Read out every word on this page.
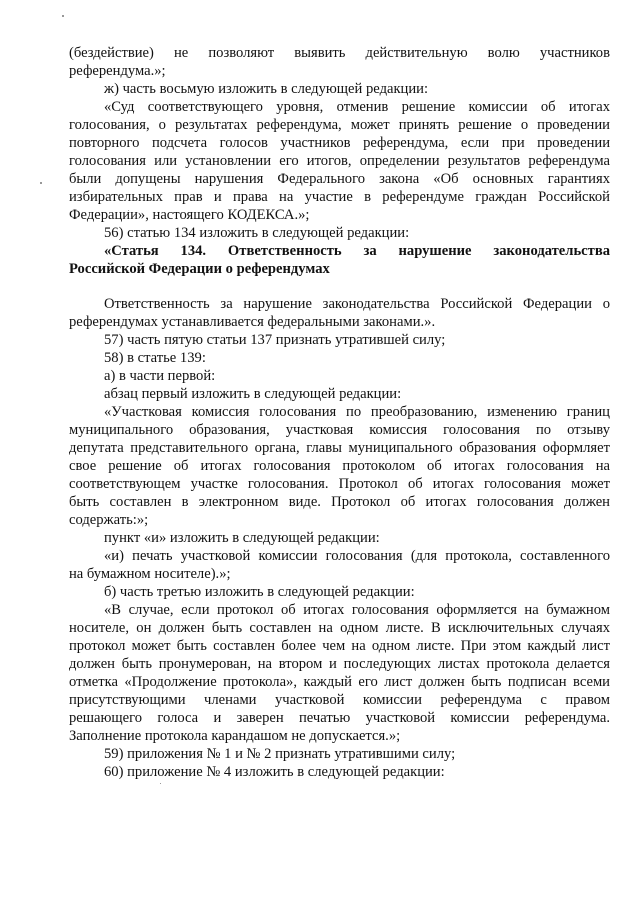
(бездействие) не позволяют выявить действительную волю участников
референдума.»;
ж) часть восьмую изложить в следующей редакции:
«Суд соответствующего уровня, отменив решение комиссии об итогах
голосования, о результатах референдума, может принять решение о проведении
повторного подсчета голосов участников референдума, если при проведении
голосования или установлении его итогов, определении результатов референдума
были допущены нарушения Федерального закона «Об основных гарантиях
избирательных прав и права на участие в референдуме граждан Российской
Федерации», настоящего КОДЕКСА.»;
56) статью 134 изложить в следующей редакции:
«Статья 134. Ответственность за нарушение законодательства
Российской Федерации о референдумах
Ответственность за нарушение законодательства Российской Федерации о
референдумах устанавливается федеральными законами.».
57) часть пятую статьи 137 признать утратившей силу;
58) в статье 139:
а) в части первой:
абзац первый изложить в следующей редакции:
«Участковая комиссия голосования по преобразованию, изменению границ
муниципального образования, участковая комиссия голосования по отзыву
депутата представительного органа, главы муниципального образования оформляет
свое решение об итогах голосования протоколом об итогах голосования на
соответствующем участке голосования. Протокол об итогах голосования может
быть составлен в электронном виде. Протокол об итогах голосования должен
содержать:»;
пункт «и» изложить в следующей редакции:
«и) печать участковой комиссии голосования (для протокола, составленного
на бумажном носителе).»;
б) часть третью изложить в следующей редакции:
«В случае, если протокол об итогах голосования оформляется на бумажном
носителе, он должен быть составлен на одном листе. В исключительных случаях
протокол может быть составлен более чем на одном листе. При этом каждый лист
должен быть пронумерован, на втором и последующих листах протокола делается
отметка «Продолжение протокола», каждый его лист должен быть подписан всеми
присутствующими членами участковой комиссии референдума с правом
решающего голоса и заверен печатью участковой комиссии референдума.
Заполнение протокола карандашом не допускается.»;
59) приложения № 1 и № 2 признать утратившими силу;
60) приложение № 4 изложить в следующей редакции:
